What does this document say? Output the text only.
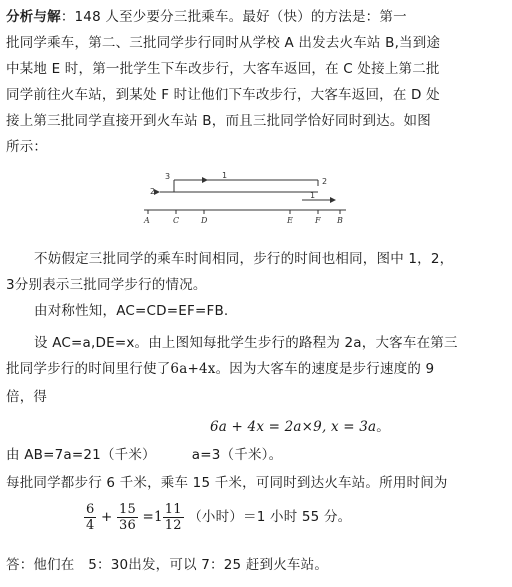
分析与解：148 人至少要分三批乘车。最好（快）的方法是：第一

批同学乘车，第二、三批同学步行同时从学校 A 出发去火车站 B,当到途

中某地 E 时，第一批学生下车改步行，大客车返回，在 C 处接上第二批

同学前往火车站，到某处 F 时让他们下车改步行，大客车返回，在 D 处

接上第三批同学直接开到火车站 B，而且三批同学恰好同时到达。如图

所示：

3	1
2
2	1
A	C	D	E	F B

不妨假定三批同学的乘车时间相同，步行的时间也相同，图中 1，2，

3分别表示三批同学步行的情况。

由对称性知，AC=CD=EF=FB.

设 AC=a,DE=x。由上图知每批学生步行的路程为 2a，大客车在第三

批同学步行的时间里行使了6a+4x。因为大客车的速度是步行速度的 9

倍，得

6a + 4x = 2a×9, x = 3a。

由 AB=7a=21（千米）	a=3（千米）。

每批同学都步行 6 千米，乘车 15 千米，可同时到达火车站。所用时间为

$\frac{6}{4} + \frac{15}{36} =1 \frac{11}{12}$ （小时）＝1 小时 55 分。

答：他们在　5：30出发，可以 7：25 赶到火车站。
